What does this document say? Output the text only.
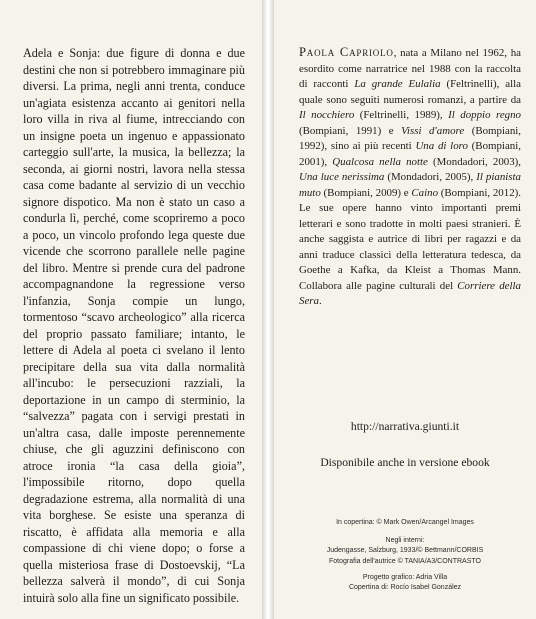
Adela e Sonja: due figure di donna e due destini che non si potrebbero immaginare più diversi. La prima, negli anni trenta, conduce un'agiata esistenza accanto ai genitori nella loro villa in riva al fiume, intrecciando con un insigne poeta un ingenuo e appassionato carteggio sull'arte, la musica, la bellezza; la seconda, ai giorni nostri, lavora nella stessa casa come badante al servizio di un vecchio signore dispotico. Ma non è stato un caso a condurla lì, perché, come scopriremo a poco a poco, un vincolo profondo lega queste due vicende che scorrono parallele nelle pagine del libro. Mentre si prende cura del padrone accompagnandone la regressione verso l'infanzia, Sonja compie un lungo, tormentoso “scavo archeologico” alla ricerca del proprio passato familiare; intanto, le lettere di Adela al poeta ci svelano il lento precipitare della sua vita dalla normalità all'incubo: le persecuzioni razziali, la deportazione in un campo di sterminio, la “salvezza” pagata con i servigi prestati in un'altra casa, dalle imposte perennemente chiuse, che gli aguzzini definiscono con atroce ironia “la casa della gioia”, l'impossibile ritorno, dopo quella degradazione estrema, alla normalità di una vita borghese. Se esiste una speranza di riscatto, è affidata alla memoria e alla compassione di chi viene dopo; o forse a quella misteriosa frase di Dostoevskij, “La bellezza salverà il mondo”, di cui Sonja intuirà solo alla fine un significato possibile.

Paola Capriolo, nata a Milano nel 1962, ha esordito come narratrice nel 1988 con la raccolta di racconti La grande Eulalia (Feltrinelli), alla quale sono seguiti numerosi romanzi, a partire da Il nocchiero (Feltrinelli, 1989), Il doppio regno (Bompiani, 1991) e Vissi d'amore (Bompiani, 1992), sino ai più recenti Una di loro (Bompiani, 2001), Qualcosa nella notte (Mondadori, 2003), Una luce nerissima (Mondadori, 2005), Il pianista muto (Bompiani, 2009) e Caino (Bompiani, 2012). Le sue opere hanno vinto importanti premi letterari e sono tradotte in molti paesi stranieri. È anche saggista e autrice di libri per ragazzi e da anni traduce classici della letteratura tedesca, da Goethe a Kafka, da Kleist a Thomas Mann. Collabora alle pagine culturali del Corriere della Sera.

http://narrativa.giunti.it

Disponibile anche in versione ebook

In copertina: © Mark Owen/Arcangel Images
Negli interni:
Judengasse, Salzburg, 1933/© Bettmann/CORBIS
Fotografia dell'autrice © TANIA/A3/CONTRASTO
Progetto grafico: Adria Villa
Copertina di: Rocío Isabel González
